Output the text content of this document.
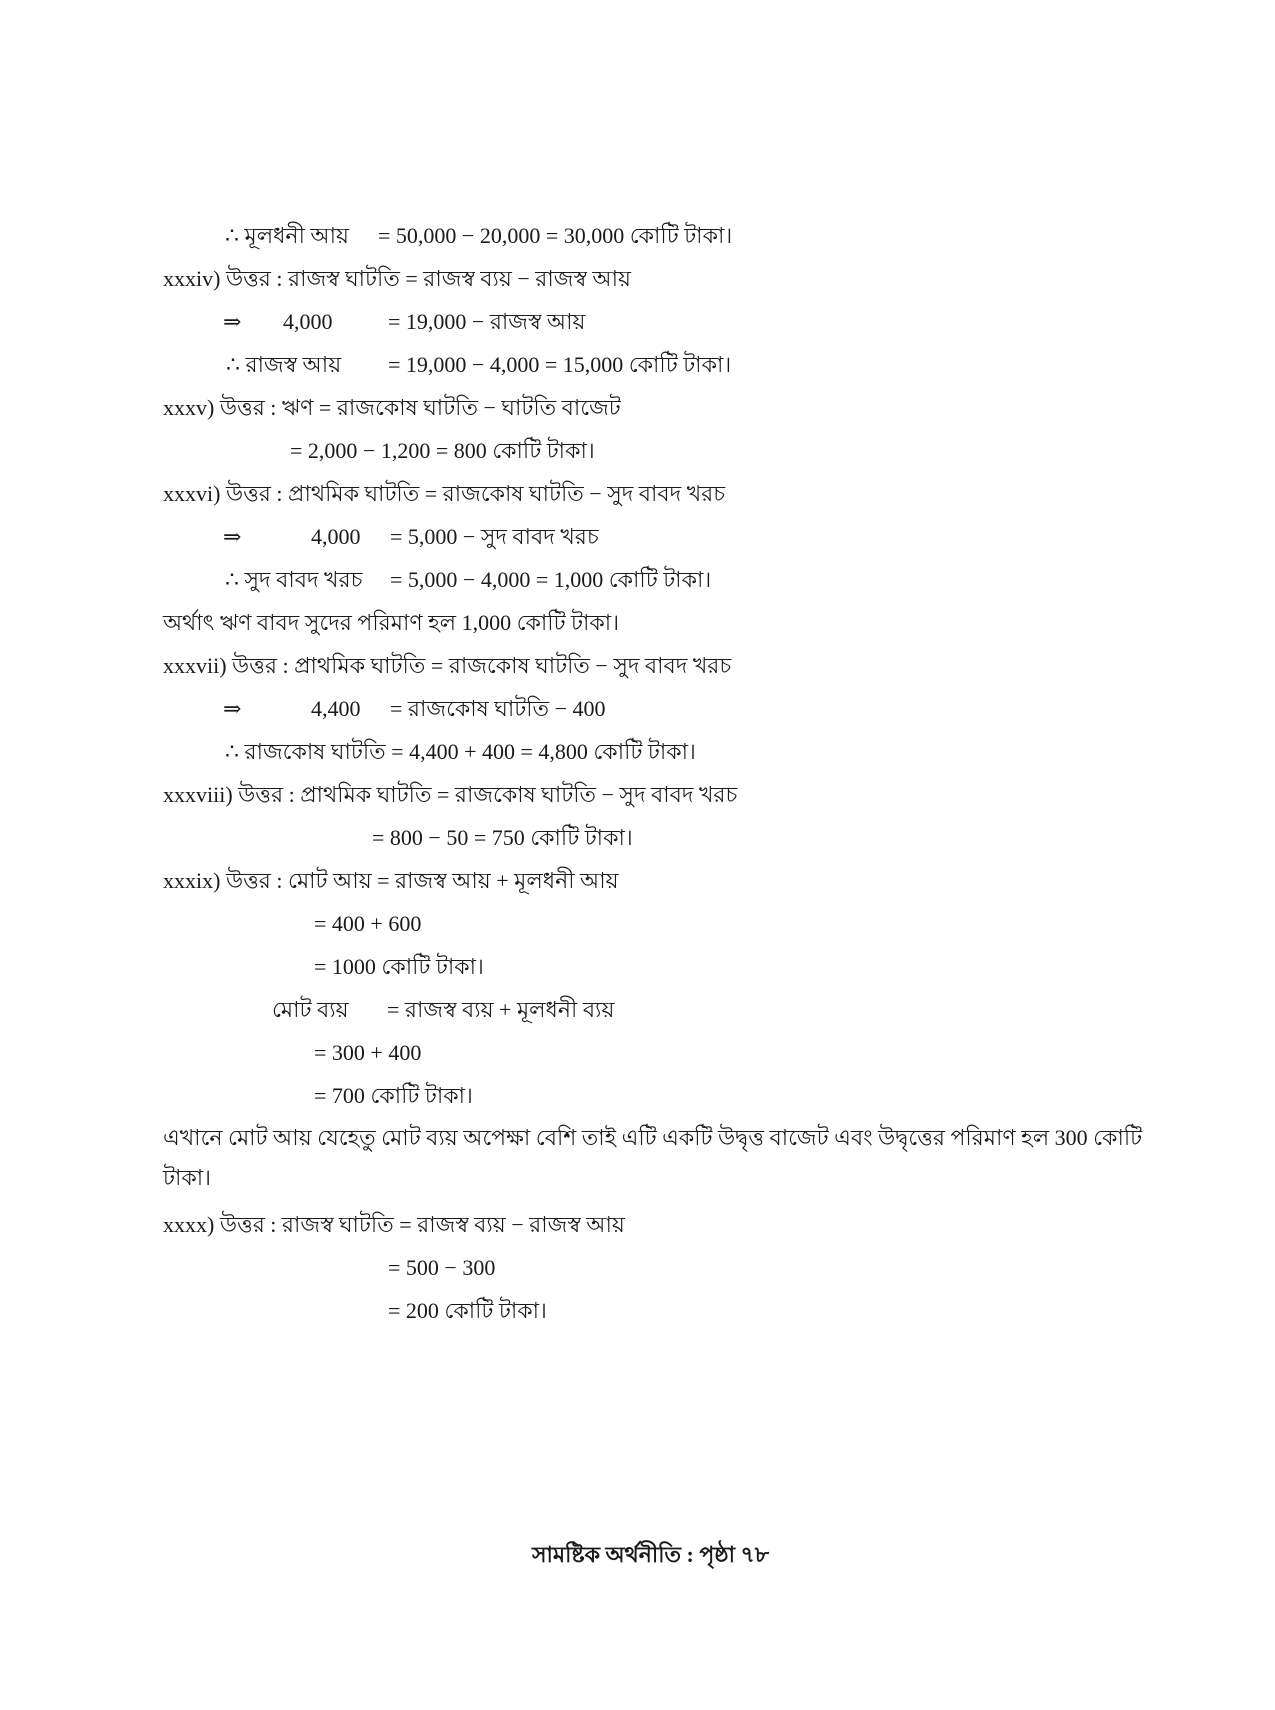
∴ মূলধনী আয় = 50,000 − 20,000 = 30,000 কোটি টাকা।
xxxiv) উত্তর : রাজস্ব ঘাটতি = রাজস্ব ব্যয় − রাজস্ব আয়
⇒ 4,000	= 19,000 − রাজস্ব আয়
∴ রাজস্ব আয় = 19,000 − 4,000 = 15,000 কোটি টাকা।
xxxv) উত্তর : ঋণ = রাজকোষ ঘাটতি − ঘাটতি বাজেট
= 2,000 − 1,200 = 800 কোটি টাকা।
xxxvi) উত্তর : প্রাথমিক ঘাটতি = রাজকোষ ঘাটতি − সুদ বাবদ খরচ
⇒	4,000 = 5,000 − সুদ বাবদ খরচ
∴ সুদ বাবদ খরচ = 5,000 − 4,000 = 1,000 কোটি টাকা।
অর্থাৎ ঋণ বাবদ সুদের পরিমাণ হল 1,000 কোটি টাকা।
xxxvii) উত্তর : প্রাথমিক ঘাটতি = রাজকোষ ঘাটতি − সুদ বাবদ খরচ
⇒	4,400 = রাজকোষ ঘাটতি − 400
∴ রাজকোষ ঘাটতি = 4,400 + 400 = 4,800 কোটি টাকা।
xxxviii) উত্তর : প্রাথমিক ঘাটতি = রাজকোষ ঘাটতি − সুদ বাবদ খরচ
= 800 − 50 = 750 কোটি টাকা।
xxxix) উত্তর : মোট আয় = রাজস্ব আয় + মূলধনী আয়
= 400 + 600
= 1000 কোটি টাকা।
মোট ব্যয় = রাজস্ব ব্যয় + মূলধনী ব্যয়
= 300 + 400
= 700 কোটি টাকা।
এখানে মোট আয় যেহেতু মোট ব্যয় অপেক্ষা বেশি তাই এটি একটি উদ্বৃত্ত বাজেট এবং উদ্বৃত্তের পরিমাণ হল 300 কোটি টাকা।
xxxx) উত্তর : রাজস্ব ঘাটতি = রাজস্ব ব্যয় − রাজস্ব আয়
= 500 − 300
= 200 কোটি টাকা।
সামষ্টিক অর্থনীতি : পৃষ্ঠা ৭৮
